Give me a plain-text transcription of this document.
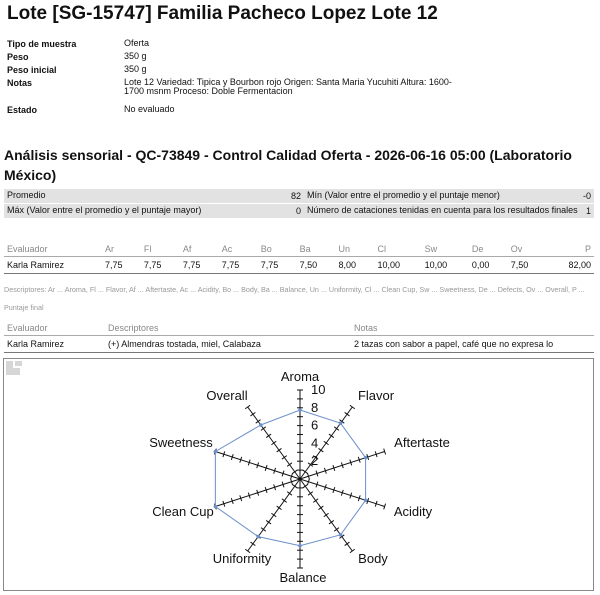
Lote [SG-15747] Familia Pacheco Lopez Lote 12
Tipo de muestra	Oferta
Peso	350 g
Peso inicial	350 g
Notas	Lote 12 Variedad: Tipica y Bourbon rojo Origen: Santa Maria Yucuhiti Altura: 1600-1700 msnm Proceso: Doble Fermentacion
Estado	No evaluado
Análisis sensorial - QC-73849 - Control Calidad Oferta - 2026-06-16 05:00 (Laboratorio México)
Promedio	82 Mín (Valor entre el promedio y el puntaje menor)	-0
Máx (Valor entre el promedio y el puntaje mayor)	0 Número de cataciones tenidas en cuenta para los resultados finales 1
Evaluador	Ar	Fl	Af	Ac	Bo	Ba	Un	Cl	Sw	De	Ov	P
Karla Ramirez	7,75	7,75	7,75	7,75	7,75	7,50	8,00	10,00	10,00	0,00	7,50	82,00
Descriptores: Ar ... Aroma, Fl ... Flavor, Af ... Aftertaste, Ac ... Acidity, Bo ... Body, Ba ... Balance, Un ... Uniformity, Cl ... Clean Cup, Sw ... Sweetness, De ... Defects, Ov ... Overall, P ... Puntaje final
Evaluador	Descriptores	Notas
Karla Ramirez	(+) Almendras tostada, miel, Calabaza	2 tazas con sabor a papel, café que no expresa lo
2
4
6
8
10
Aroma
Flavor
Aftertaste
Acidity
Body
Balance
Uniformity
Clean Cup
Sweetness
Overall
